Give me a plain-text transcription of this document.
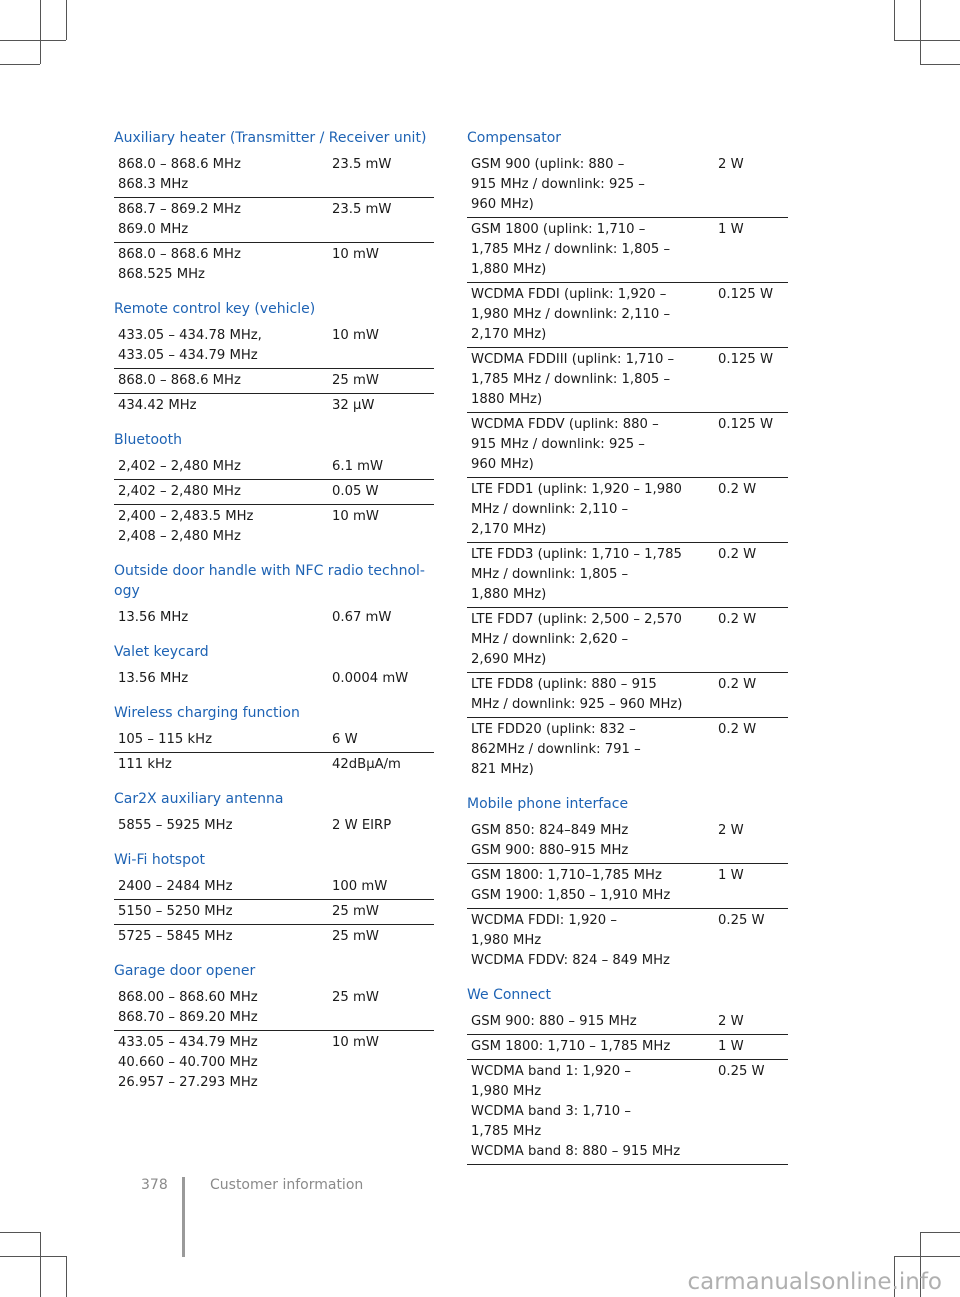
Auxiliary heater (Transmitter / Receiver unit)
868.0 – 868.6 MHz
868.3 MHz	23.5 mW
868.7 – 869.2 MHz
869.0 MHz	23.5 mW
868.0 – 868.6 MHz
868.525 MHz	10 mW
Remote control key (vehicle)
433.05 – 434.78 MHz,
433.05 – 434.79 MHz	10 mW
868.0 – 868.6 MHz	25 mW
434.42 MHz	32 µW
Bluetooth
2,402 – 2,480 MHz	6.1 mW
2,402 – 2,480 MHz	0.05 W
2,400 – 2,483.5 MHz
2,408 – 2,480 MHz	10 mW
Outside door handle with NFC radio technol-
ogy
13.56 MHz	0.67 mW
Valet keycard
13.56 MHz	0.0004 mW
Wireless charging function
105 – 115 kHz	6 W
111 kHz	42dBµA/m
Car2X auxiliary antenna
5855 – 5925 MHz	2 W EIRP
Wi-Fi hotspot
2400 – 2484 MHz	100 mW
5150 – 5250 MHz	25 mW
5725 – 5845 MHz	25 mW
Garage door opener
868.00 – 868.60 MHz
868.70 – 869.20 MHz	25 mW
433.05 – 434.79 MHz
40.660 – 40.700 MHz
26.957 – 27.293 MHz	10 mW
Compensator
GSM 900 (uplink: 880 –
915 MHz / downlink: 925 –
960 MHz)	2 W
GSM 1800 (uplink: 1,710 –
1,785 MHz / downlink: 1,805 –
1,880 MHz)	1 W
WCDMA FDDI (uplink: 1,920 –
1,980 MHz / downlink: 2,110 –
2,170 MHz)	0.125 W
WCDMA FDDIII (uplink: 1,710 –
1,785 MHz / downlink: 1,805 –
1880 MHz)	0.125 W
WCDMA FDDV (uplink: 880 –
915 MHz / downlink: 925 –
960 MHz)	0.125 W
LTE FDD1 (uplink: 1,920 – 1,980
MHz / downlink: 2,110 –
2,170 MHz)	0.2 W
LTE FDD3 (uplink: 1,710 – 1,785
MHz / downlink: 1,805 –
1,880 MHz)	0.2 W
LTE FDD7 (uplink: 2,500 – 2,570
MHz / downlink: 2,620 –
2,690 MHz)	0.2 W
LTE FDD8 (uplink: 880 – 915
MHz / downlink: 925 – 960 MHz)	0.2 W
LTE FDD20 (uplink: 832 –
862MHz / downlink: 791 –
821 MHz)	0.2 W
Mobile phone interface
GSM 850: 824–849 MHz
GSM 900: 880–915 MHz	2 W
GSM 1800: 1,710–1,785 MHz
GSM 1900: 1,850 – 1,910 MHz	1 W
WCDMA FDDI: 1,920 –
1,980 MHz
WCDMA FDDV: 824 – 849 MHz	0.25 W
We Connect
GSM 900: 880 – 915 MHz	2 W
GSM 1800: 1,710 – 1,785 MHz	1 W
WCDMA band 1: 1,920 –
1,980 MHz
WCDMA band 3: 1,710 –
1,785 MHz
WCDMA band 8: 880 – 915 MHz	0.25 W
378	Customer information
carmanualsonline.info
